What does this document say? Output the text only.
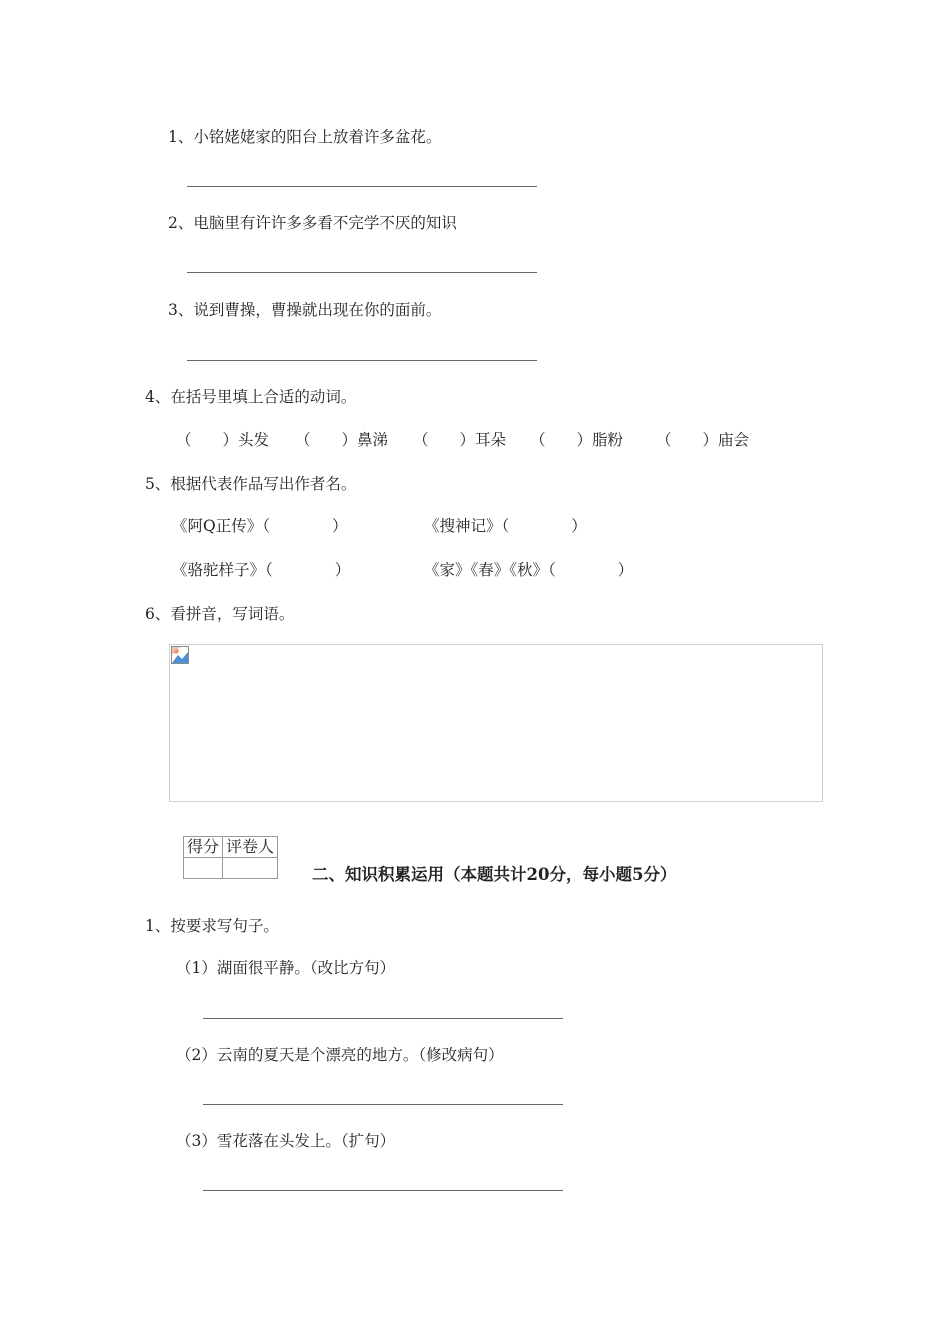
1、小铭姥姥家的阳台上放着许多盆花。
2、电脑里有许许多多看不完学不厌的知识
3、说到曹操，曹操就出现在你的面前。
4、在括号里填上合适的动词。
（　　）头发 （　　）鼻涕 （　　）耳朵 （　　）脂粉 （　　）庙会
5、根据代表作品写出作者名。
《阿Q正传》（　　　　）	《搜神记》（　　　　）
《骆驼样子》（　　　　）	《家》《春》《秋》（　　　　）
6、看拼音，写词语。
得分	评卷人

二、知识积累运用（本题共计20分，每小题5分）
1、按要求写句子。
（1）湖面很平静。（改比方句）
（2）云南的夏天是个漂亮的地方。（修改病句）
（3）雪花落在头发上。（扩句）
